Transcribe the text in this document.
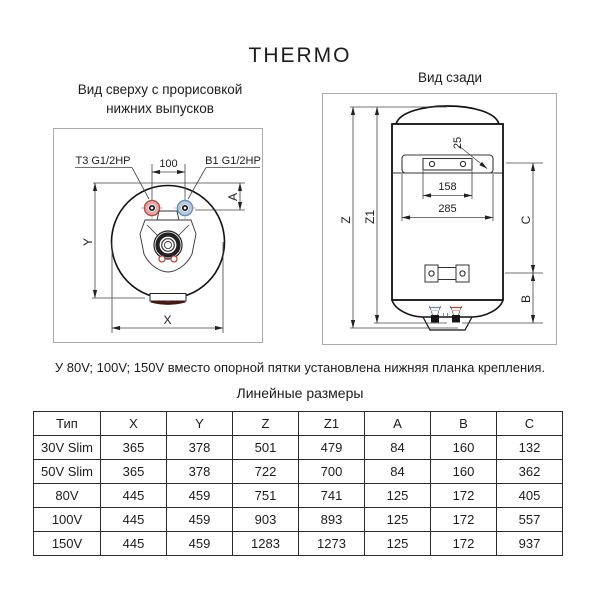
THERMO
Вид сверху с прорисовкой
нижних выпусков
Вид сзади
T3 G1/2HP	100	B1 G1/2HP
A
Y
X
25
158
285
C
B
Z Z1
У 80V; 100V; 150V вместо опорной пятки установлена нижняя планка крепления.
Линейные размеры
Тип	X	Y	Z	Z1	A	B	C
30V Slim	365	378	501	479	84	160	132
50V Slim	365	378	722	700	84	160	362
80V	445	459	751	741	125	172	405
100V	445	459	903	893	125	172	557
150V	445	459	1283	1273	125	172	937
